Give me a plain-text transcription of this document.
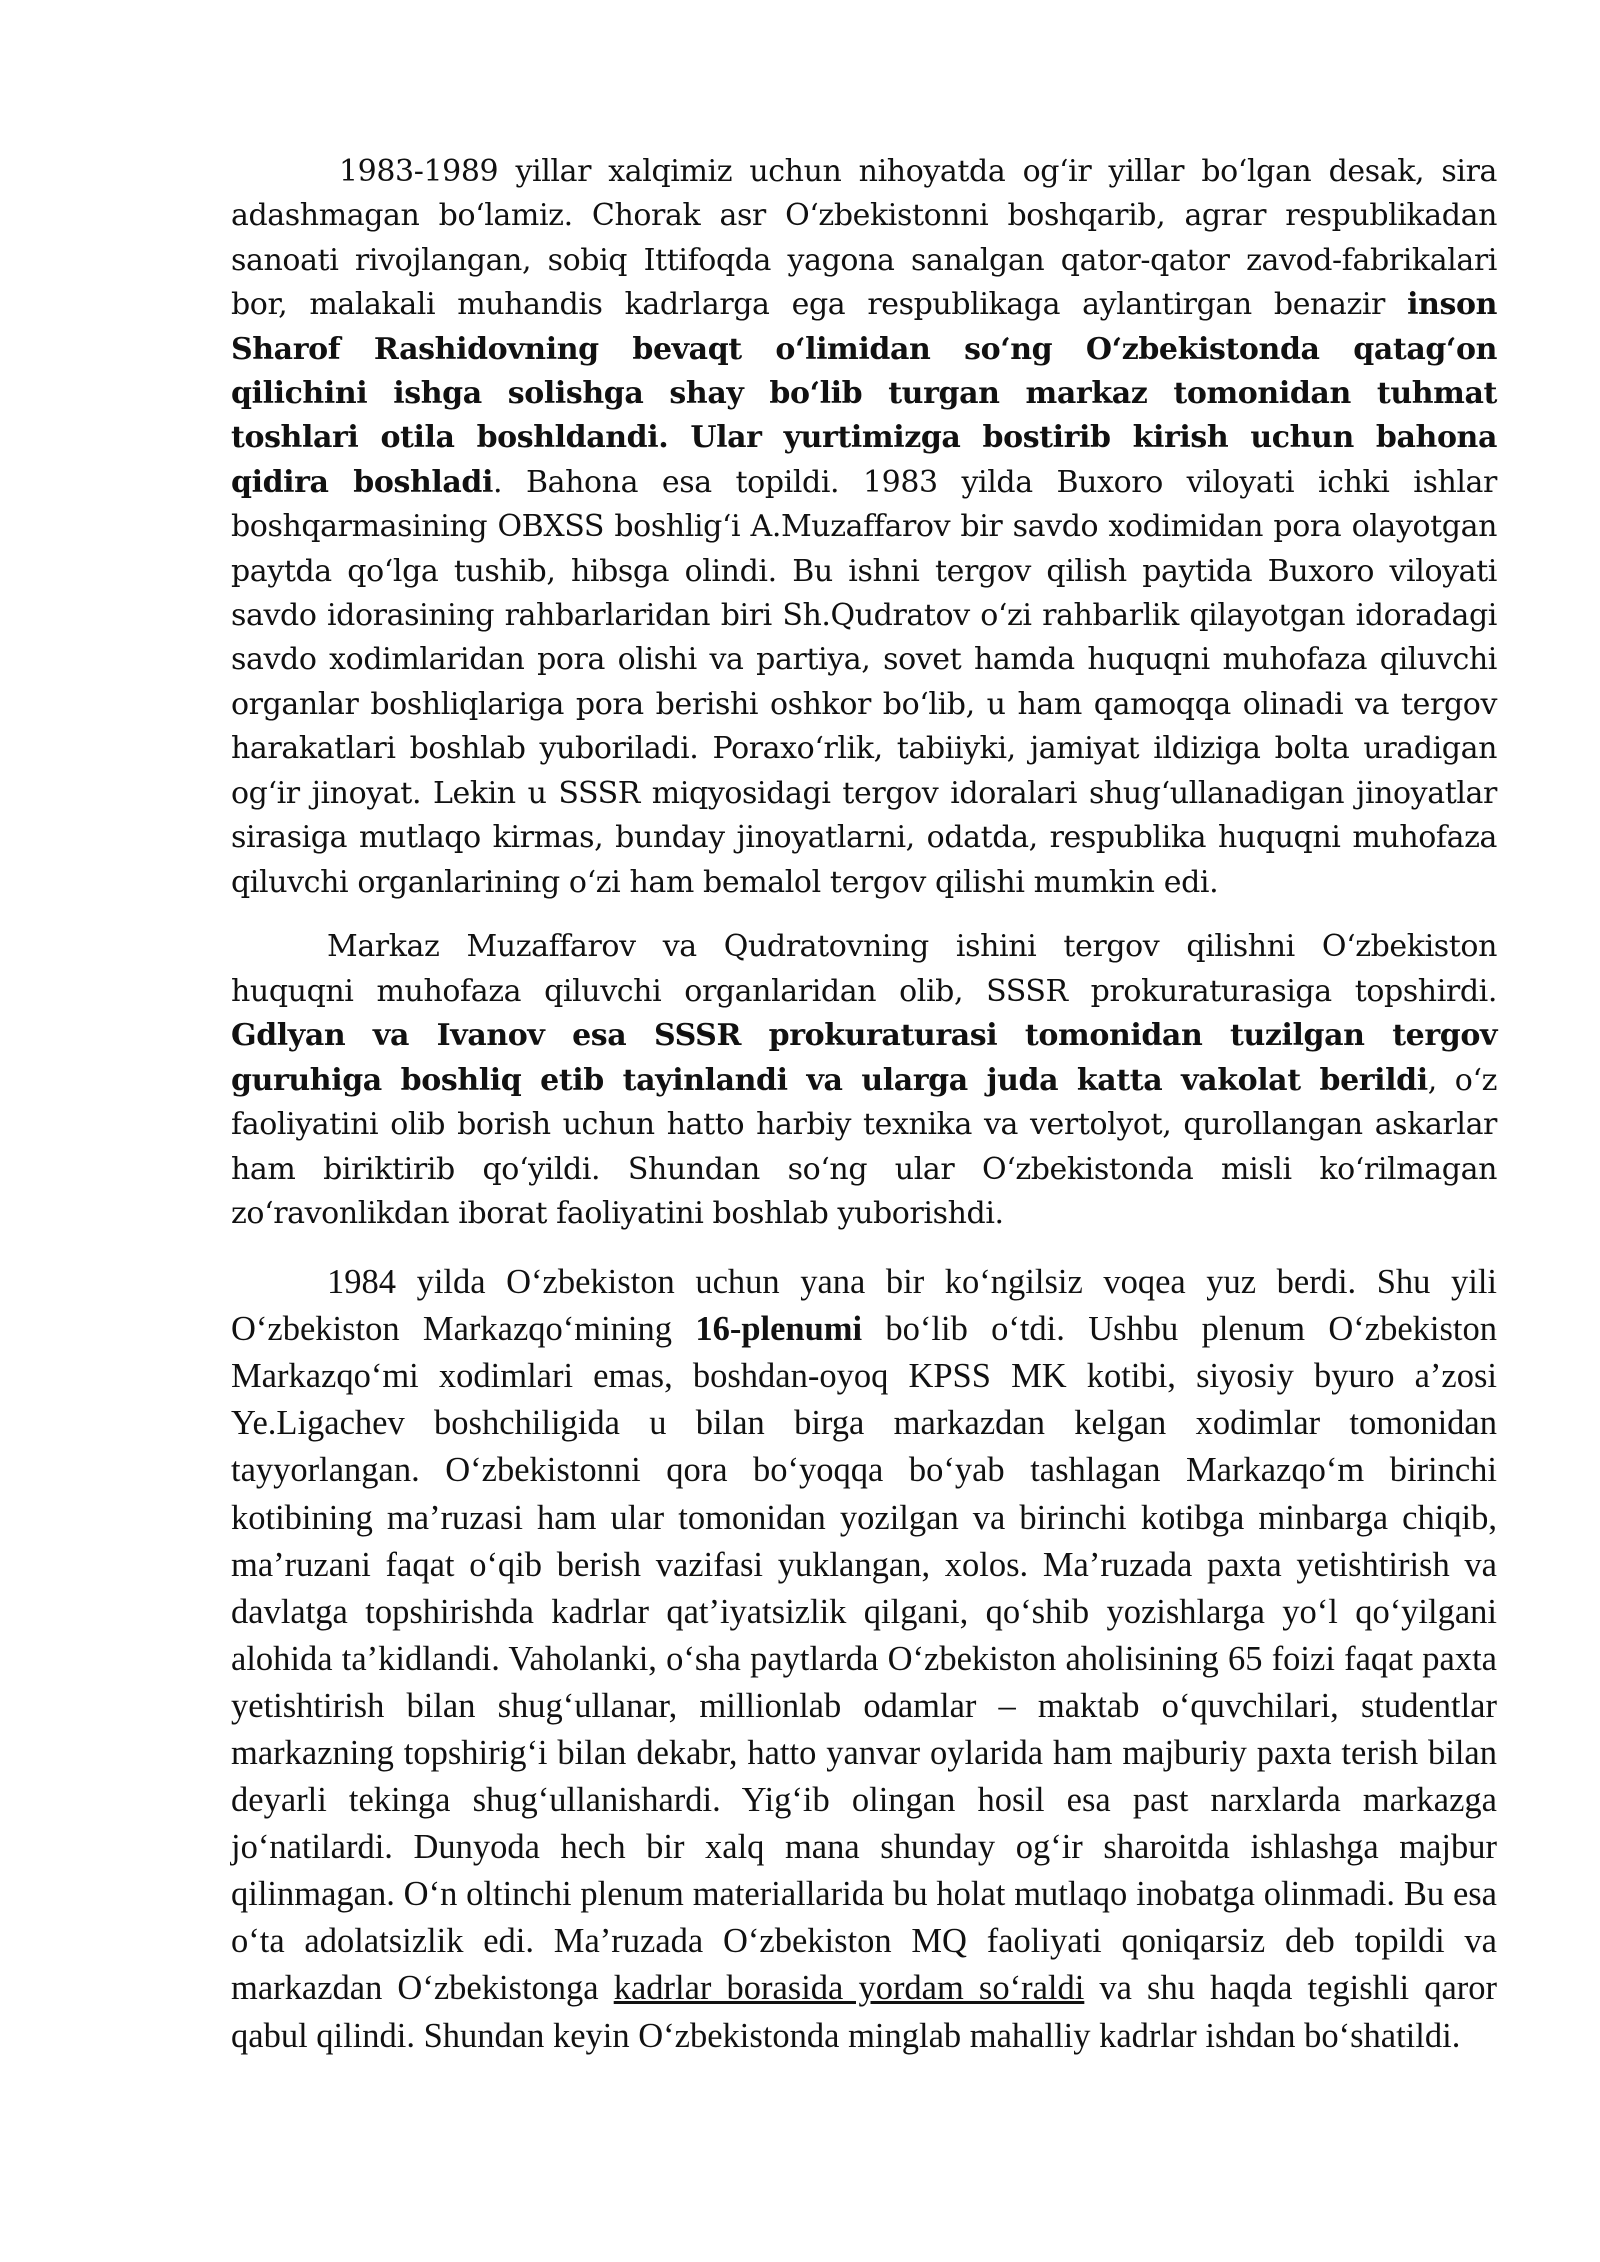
1983-1989 yillar xalqimiz uchun nihoyatda og‘ir yillar bo‘lgan desak, sira adashmagan bo‘lamiz. Chorak asr O‘zbekistonni boshqarib, agrar respublikadan sanoati rivojlangan, sobiq Ittifoqda yagona sanalgan qator-qator zavod-fabrikalari bor, malakali muhandis kadrlarga ega respublikaga aylantirgan benazir inson Sharof Rashidovning bevaqt o‘limidan so‘ng O‘zbekistonda qatag‘on qilichini ishga solishga shay bo‘lib turgan markaz tomonidan tuhmat toshlari otila boshldandi. Ular yurtimizga bostirib kirish uchun bahona qidira boshladi. Bahona esa topildi. 1983 yilda Buxoro viloyati ichki ishlar boshqarmasining OBXSS boshlig‘i A.Muzaffarov bir savdo xodimidan pora olayotgan paytda qo‘lga tushib, hibsga olindi. Bu ishni tergov qilish paytida Buxoro viloyati savdo idorasining rahbarlaridan biri Sh.Qudratov o‘zi rahbarlik qilayotgan idoradagi savdo xodimlaridan pora olishi va partiya, sovet hamda huquqni muhofaza qiluvchi organlar boshliqlariga pora berishi oshkor bo‘lib, u ham qamoqqa olinadi va tergov harakatlari boshlab yuboriladi. Poraxo‘rlik, tabiiyki, jamiyat ildiziga bolta uradigan og‘ir jinoyat. Lekin u SSSR miqyosidagi tergov idoralari shug‘ullanadigan jinoyatlar sirasiga mutlaqo kirmas, bunday jinoyatlarni, odatda, respublika huquqni muhofaza qiluvchi organlarining o‘zi ham bemalol tergov qilishi mumkin edi.

Markaz Muzaffarov va Qudratovning ishini tergov qilishni O‘zbekiston huquqni muhofaza qiluvchi organlaridan olib, SSSR prokuraturasiga topshirdi. Gdlyan va Ivanov esa SSSR prokuraturasi tomonidan tuzilgan tergov guruhiga boshliq etib tayinlandi va ularga juda katta vakolat berildi, o‘z faoliyatini olib borish uchun hatto harbiy texnika va vertolyot, qurollangan askarlar ham biriktirib qo‘yildi. Shundan so‘ng ular O‘zbekistonda misli ko‘rilmagan zo‘ravonlikdan iborat faoliyatini boshlab yuborishdi.

1984 yilda O‘zbekiston uchun yana bir ko‘ngilsiz voqea yuz berdi. Shu yili O‘zbekiston Markazqo‘mining 16-plenumi bo‘lib o‘tdi. Ushbu plenum O‘zbekiston Markazqo‘mi xodimlari emas, boshdan-oyoq KPSS MK kotibi, siyosiy byuro a’zosi Ye.Ligachev boshchiligida u bilan birga markazdan kelgan xodimlar tomonidan tayyorlangan. O‘zbekistonni qora bo‘yoqqa bo‘yab tashlagan Markazqo‘m birinchi kotibining ma’ruzasi ham ular tomonidan yozilgan va birinchi kotibga minbarga chiqib, ma’ruzani faqat o‘qib berish vazifasi yuklangan, xolos. Ma’ruzada paxta yetishtirish va davlatga topshirishda kadrlar qat’iyatsizlik qilgani, qo‘shib yozishlarga yo‘l qo‘yilgani alohida ta’kidlandi. Vaholanki, o‘sha paytlarda O‘zbekiston aholisining 65 foizi faqat paxta yetishtirish bilan shug‘ullanar, millionlab odamlar – maktab o‘quvchilari, studentlar markazning topshirig‘i bilan dekabr, hatto yanvar oylarida ham majburiy paxta terish bilan deyarli tekinga shug‘ullanishardi. Yig‘ib olingan hosil esa past narxlarda markazga jo‘natilardi. Dunyoda hech bir xalq mana shunday og‘ir sharoitda ishlashga majbur qilinmagan. O‘n oltinchi plenum materiallarida bu holat mutlaqo inobatga olinmadi. Bu esa o‘ta adolatsizlik edi. Ma’ruzada O‘zbekiston MQ faoliyati qoniqarsiz deb topildi va markazdan O‘zbekistonga kadrlar borasida yordam so‘raldi va shu haqda tegishli qaror qabul qilindi. Shundan keyin O‘zbekistonda minglab mahalliy kadrlar ishdan bo‘shatildi.
